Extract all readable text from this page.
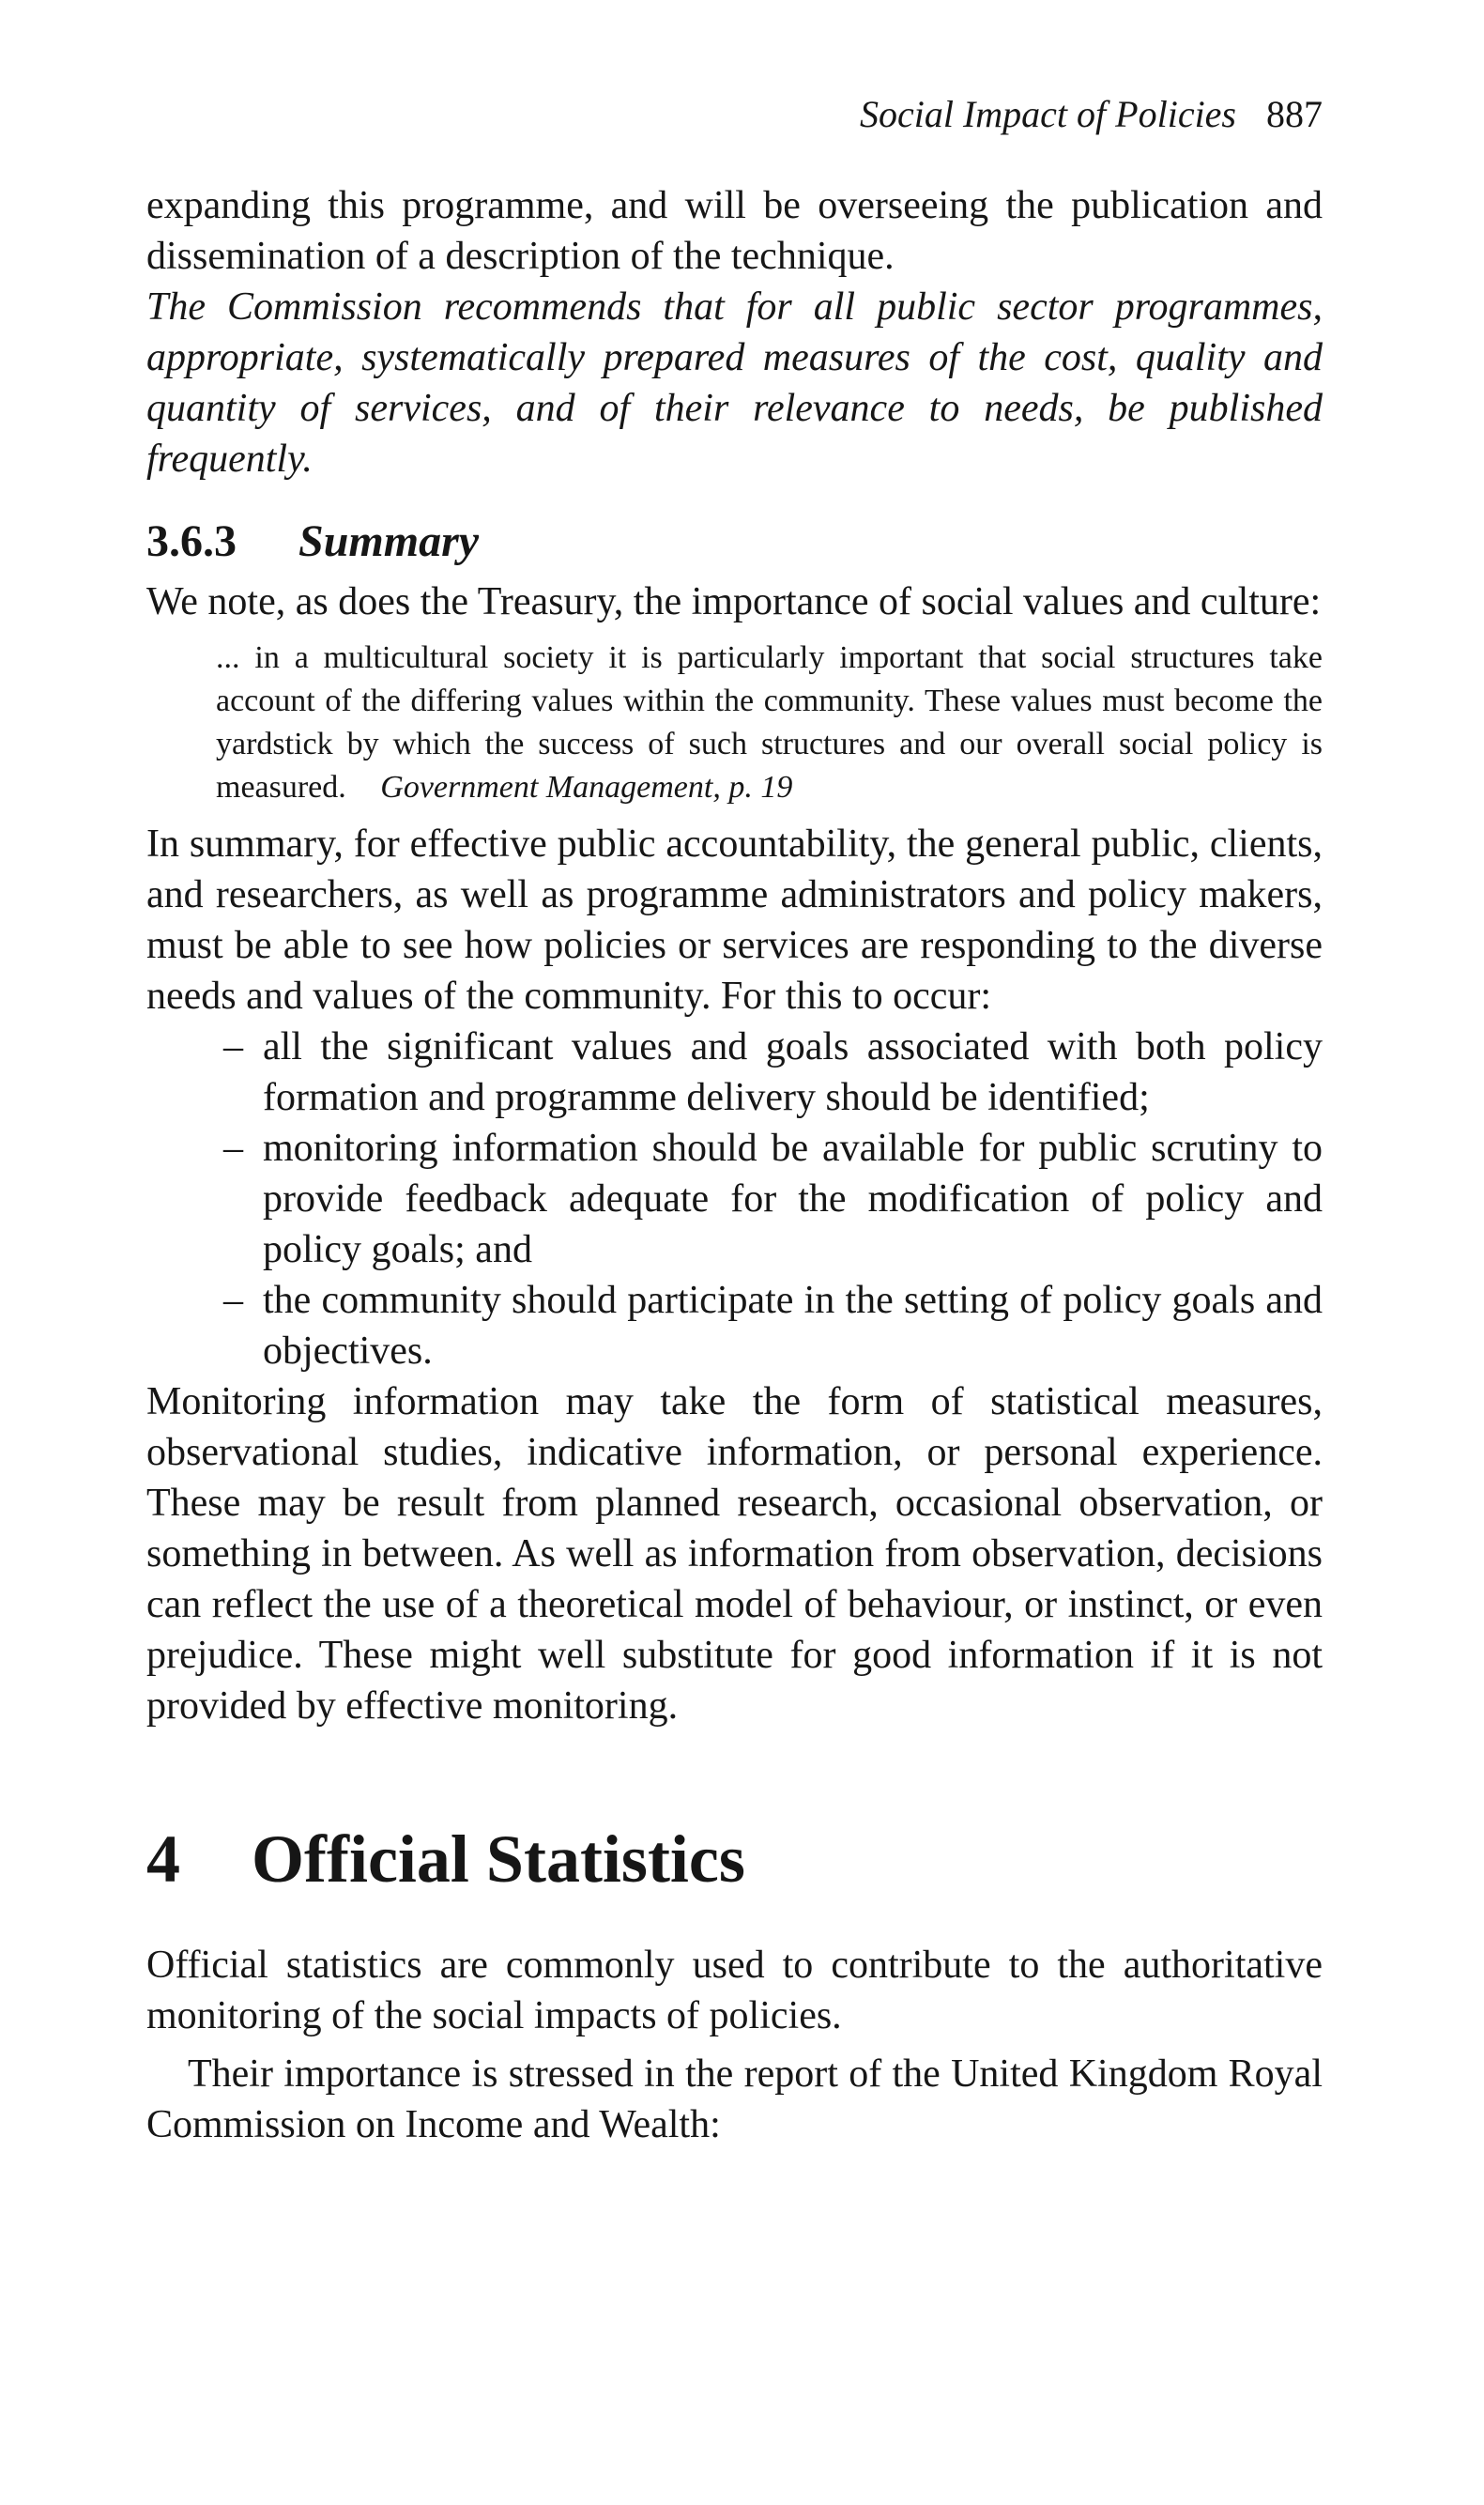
Social Impact of Policies 887

expanding this programme, and will be overseeing the publication and dissemination of a description of the technique.

The Commission recommends that for all public sector programmes, appropriate, systematically prepared measures of the cost, quality and quantity of services, and of their relevance to needs, be published frequently.

3.6.3 Summary

We note, as does the Treasury, the importance of social values and culture:

... in a multicultural society it is particularly important that social structures take account of the differing values within the community. These values must become the yardstick by which the success of such structures and our overall social policy is measured. Government Management, p. 19

In summary, for effective public accountability, the general public, clients, and researchers, as well as programme administrators and policy makers, must be able to see how policies or services are responding to the diverse needs and values of the community. For this to occur:

– all the significant values and goals associated with both policy formation and programme delivery should be identified;
– monitoring information should be available for public scrutiny to provide feedback adequate for the modification of policy and policy goals; and
– the community should participate in the setting of policy goals and objectives.

Monitoring information may take the form of statistical measures, observational studies, indicative information, or personal experience. These may be result from planned research, occasional observation, or something in between. As well as information from observation, decisions can reflect the use of a theoretical model of behaviour, or instinct, or even prejudice. These might well substitute for good information if it is not provided by effective monitoring.

4 Official Statistics

Official statistics are commonly used to contribute to the authoritative monitoring of the social impacts of policies.

Their importance is stressed in the report of the United Kingdom Royal Commission on Income and Wealth:
